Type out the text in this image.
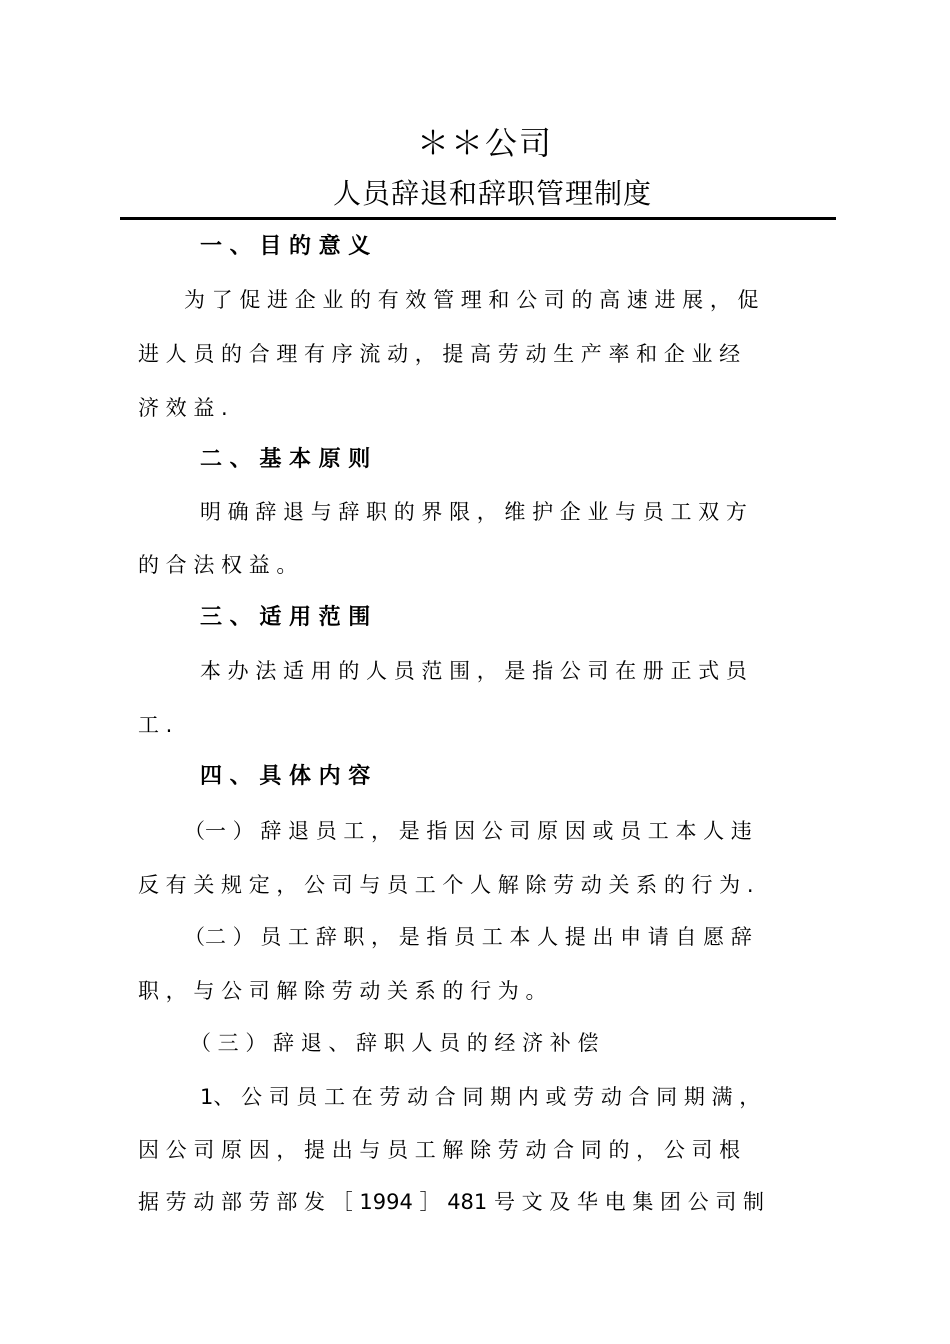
＊＊公司
人员辞退和辞职管理制度
一 、 目 的 意 义
为 了 促 进 企 业 的 有 效 管 理 和 公 司 的 高 速 进 展 ， 促
进 人 员 的 合 理 有 序 流 动 ， 提 高 劳 动 生 产 率 和 企 业 经
济 效 益 .
二 、 基 本 原 则
明 确 辞 退 与 辞 职 的 界 限 ， 维 护 企 业 与 员 工 双 方
的 合 法 权 益 。
三 、 适 用 范 围
本 办 法 适 用 的 人 员 范 围 ， 是 指 公 司 在 册 正 式 员
工 .
四 、 具 体 内 容
（一 ） 辞 退 员 工 ， 是 指 因 公 司 原 因 或 员 工 本 人 违
反 有 关 规 定 ， 公 司 与 员 工 个 人 解 除 劳 动 关 系 的 行 为 .
（二 ） 员 工 辞 职 ， 是 指 员 工 本 人 提 出 申 请 自 愿 辞
职 ， 与 公 司 解 除 劳 动 关 系 的 行 为 。
（ 三 ） 辞 退 、 辞 职 人 员 的 经 济 补 偿
1、 公 司 员 工 在 劳 动 合 同 期 内 或 劳 动 合 同 期 满 ，
因 公 司 原 因 ， 提 出 与 员 工 解 除 劳 动 合 同 的 ， 公 司 根
据 劳 动 部 劳 部 发 ［ 1994 ］ 481 号 文 及 华 电 集 团 公 司 制
